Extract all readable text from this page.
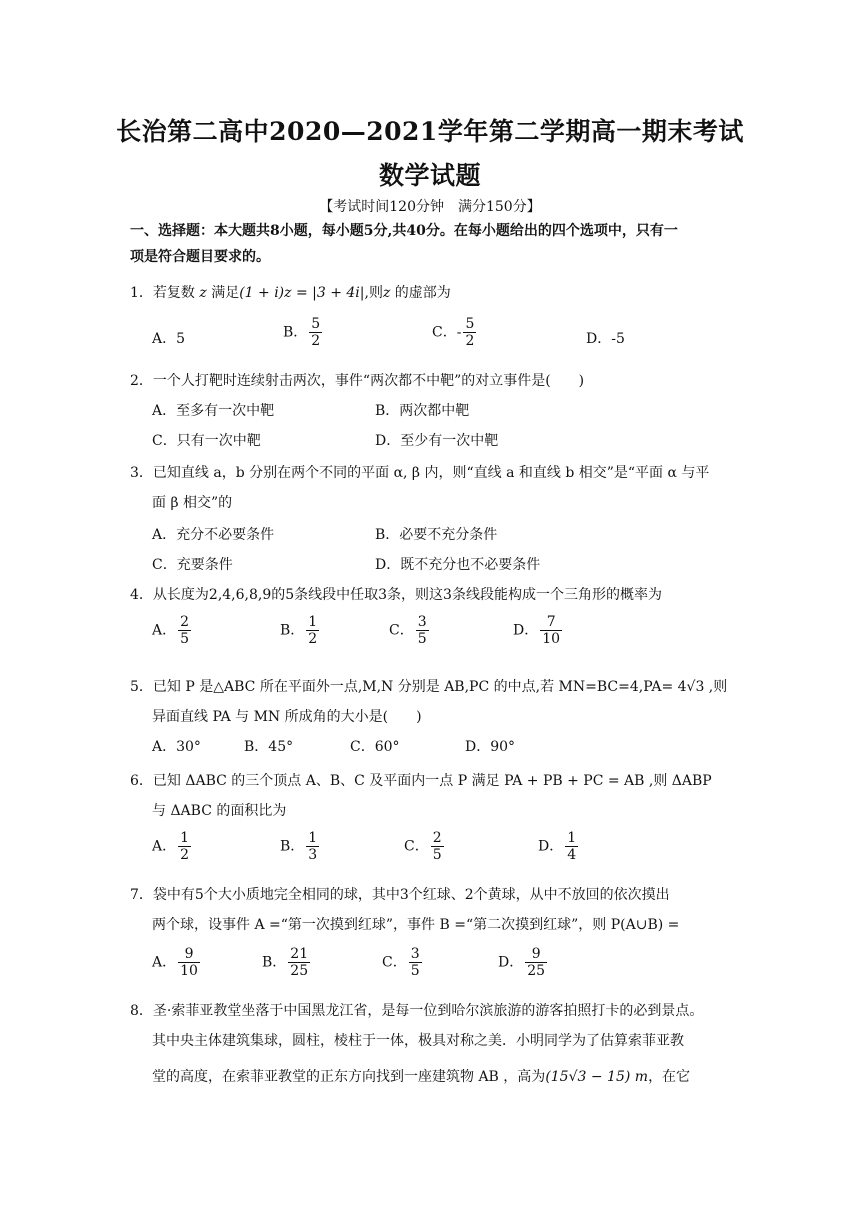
长治第二高中2020—2021学年第二学期高一期末考试
数学试题
【考试时间120分钟　满分150分】
一、选择题：本大题共8小题，每小题5分,共40分。在每小题给出的四个选项中，只有一
项是符合题目要求的。
1．若复数 z 满足(1 + i)z = |3 + 4i|,则z 的虚部为
A．5	B． $\frac{5}{2}$	C．- $\frac{5}{2}$	D．-5
2．一个人打靶时连续射击两次，事件“两次都不中靶”的对立事件是(　　)
A．至多有一次中靶	B．两次都中靶
C．只有一次中靶	D．至少有一次中靶
3．已知直线 a，b 分别在两个不同的平面 α, β 内，则“直线 a 和直线 b 相交”是“平面 α 与平
面 β 相交”的
A．充分不必要条件	B．必要不充分条件
C．充要条件	D．既不充分也不必要条件
4．从长度为2,4,6,8,9的5条线段中任取3条，则这3条线段能构成一个三角形的概率为
A． $\frac{2}{5}$	B． $\frac{1}{2}$	C． $\frac{3}{5}$	D． $\frac{7}{10}$
5．已知 P 是△ABC 所在平面外一点,M,N 分别是 AB,PC 的中点,若 MN=BC=4,PA= 4√3 ,则
异面直线 PA 与 MN 所成角的大小是(　　)
A．30°	B．45°	C．60°	D．90°
6．已知 ΔABC 的三个顶点 A、B、C 及平面内一点 P 满足 PA + PB + PC = AB ,则 ΔABP
与 ΔABC 的面积比为
A． $\frac{1}{2}$	B． $\frac{1}{3}$	C． $\frac{2}{5}$	D． $\frac{1}{4}$
7．袋中有5个大小质地完全相同的球，其中3个红球、2个黄球，从中不放回的依次摸出
两个球，设事件 A =“第一次摸到红球”，事件 B =“第二次摸到红球”，则 P(A∪B) =
A． $\frac{9}{10}$	B． $\frac{21}{25}$	C． $\frac{3}{5}$	D． $\frac{9}{25}$
8．圣·索菲亚教堂坐落于中国黑龙江省，是每一位到哈尔滨旅游的游客拍照打卡的必到景点。
其中央主体建筑集球，圆柱，棱柱于一体，极具对称之美．小明同学为了估算索菲亚教
堂的高度，在索菲亚教堂的正东方向找到一座建筑物 AB ，高为(15√3 − 15) m，在它
